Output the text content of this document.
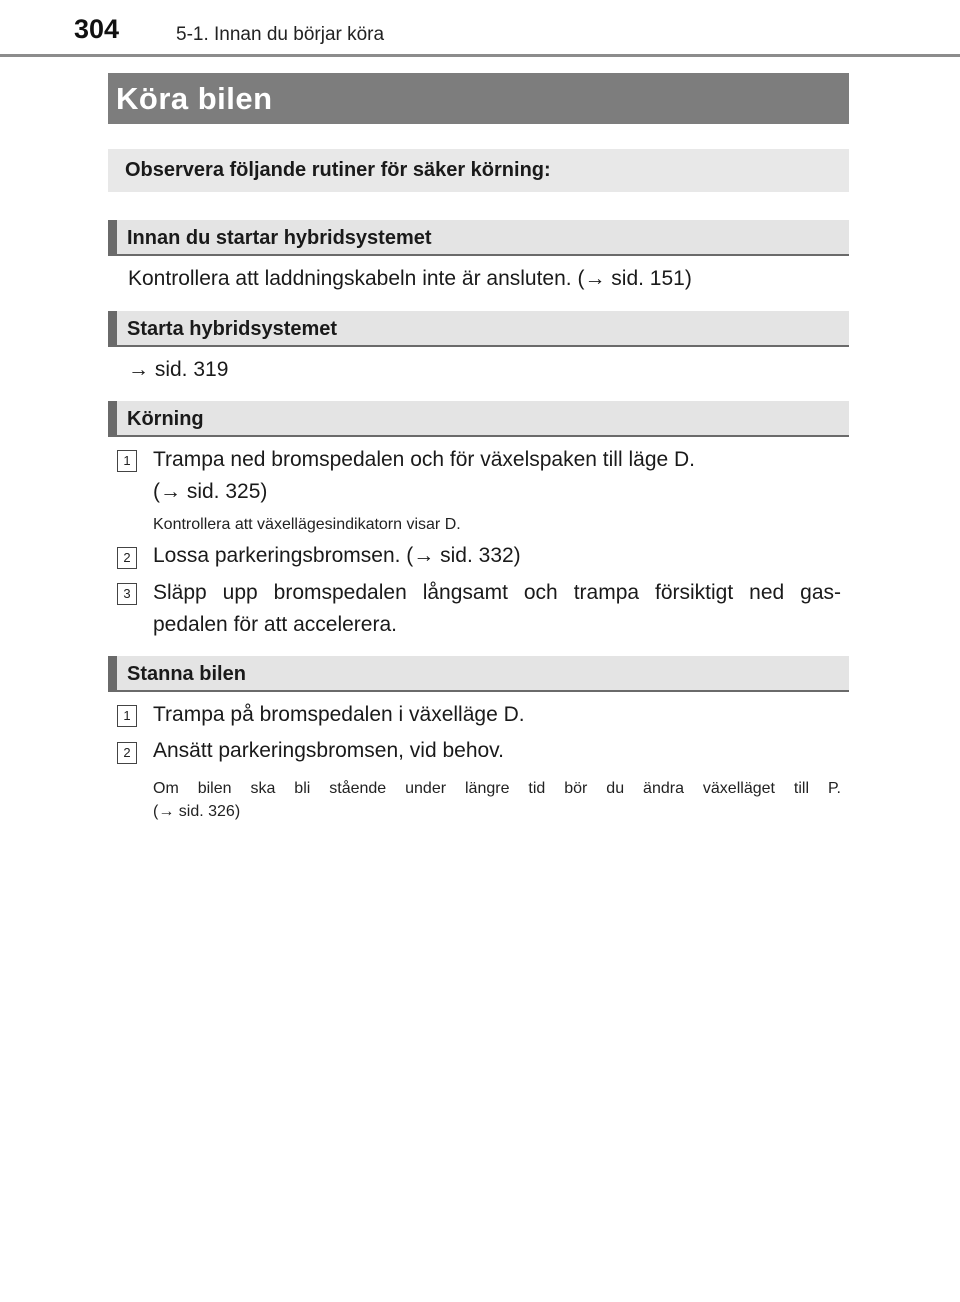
304	5-1. Innan du börjar köra
Köra bilen
Observera följande rutiner för säker körning:
Innan du startar hybridsystemet
Kontrollera att laddningskabeln inte är ansluten. (→ sid. 151)
Starta hybridsystemet
→ sid. 319
Körning
1	Trampa ned bromspedalen och för växelspaken till läge D.
(→ sid. 325)
Kontrollera att växellägesindikatorn visar D.
2	Lossa parkeringsbromsen. (→ sid. 332)
3	Släpp upp bromspedalen långsamt och trampa försiktigt ned gas-
pedalen för att accelerera.
Stanna bilen
1	Trampa på bromspedalen i växelläge D.
2	Ansätt parkeringsbromsen, vid behov.
Om bilen ska bli stående under längre tid bör du ändra växelläget till P.
(→ sid. 326)
